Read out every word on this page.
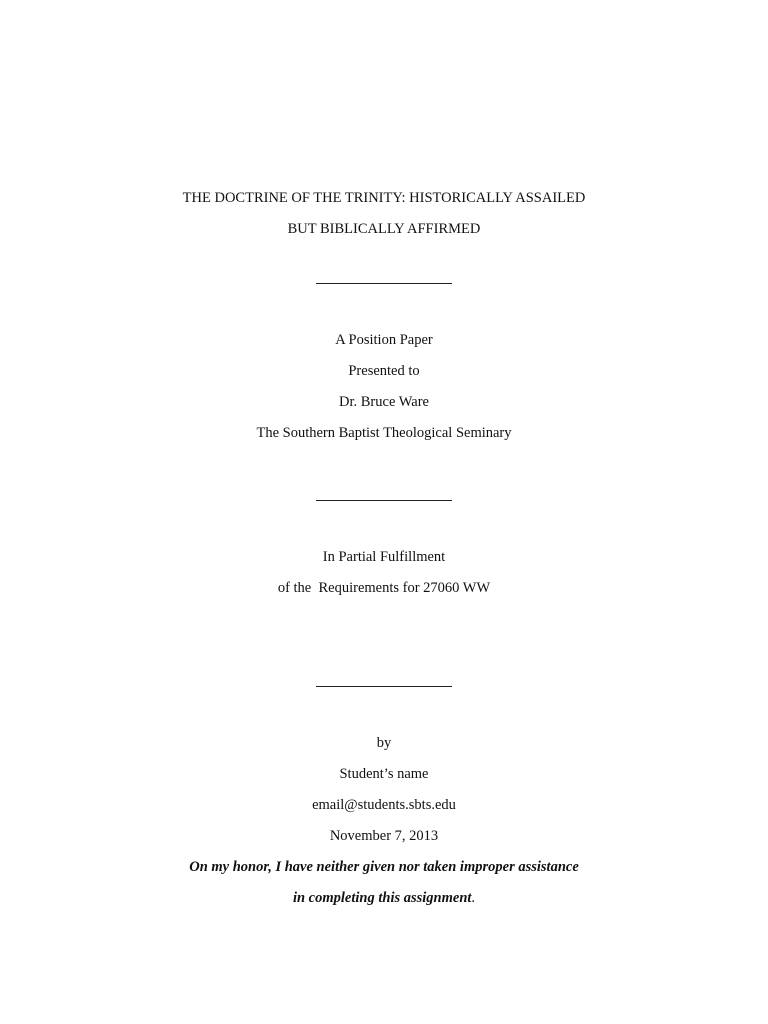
THE DOCTRINE OF THE TRINITY: HISTORICALLY ASSAILED
BUT BIBLICALLY AFFIRMED
A Position Paper
Presented to
Dr. Bruce Ware
The Southern Baptist Theological Seminary
In Partial Fulfillment
of the  Requirements for 27060 WW
by
Student’s name
email@students.sbts.edu
November 7, 2013
On my honor, I have neither given nor taken improper assistance
in completing this assignment.
